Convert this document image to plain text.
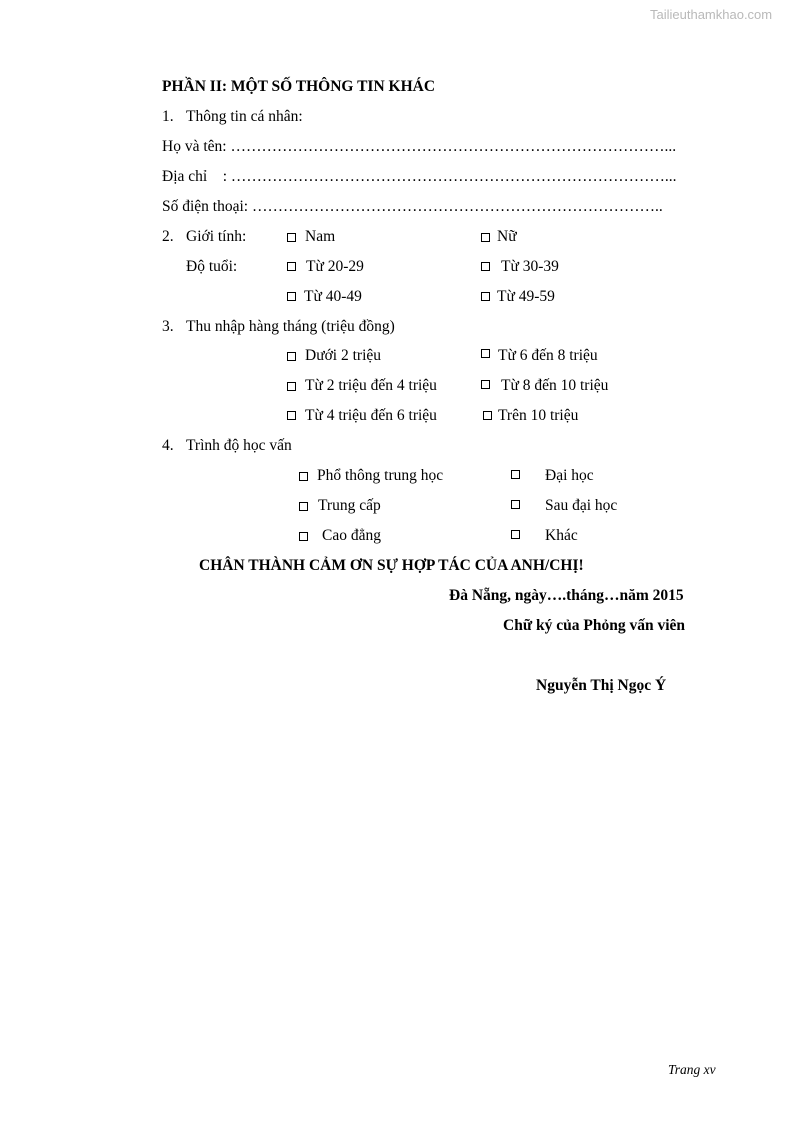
Tailieuthamkhao.com
PHẦN II: MỘT SỐ THÔNG TIN KHÁC
1. Thông tin cá nhân:
Họ và tên: …………………………………………………………………………...
Địa chỉ    : …………………………………………………………………………...
Số điện thoại: ……………………………………………………………………..
2. Giới tính:	Nam	Nữ
Độ tuổi:	Từ 20-29	Từ 30-39
Từ 40-49	Từ 49-59
3. Thu nhập hàng tháng (triệu đồng)
Dưới 2 triệu	Từ 6 đến 8 triệu
Từ 2 triệu đến 4 triệu	Từ 8 đến 10 triệu
Từ 4 triệu đến 6 triệu	Trên 10 triệu
4. Trình độ học vấn
Phổ thông trung học	Đại học
Trung cấp	Sau đại học
Cao đẳng	Khác
CHÂN THÀNH CẢM ƠN SỰ HỢP TÁC CỦA ANH/CHỊ!
Đà Nẵng, ngày….tháng…năm 2015
Chữ ký của Phỏng vấn viên
Nguyễn Thị Ngọc Ý
Trang xv
